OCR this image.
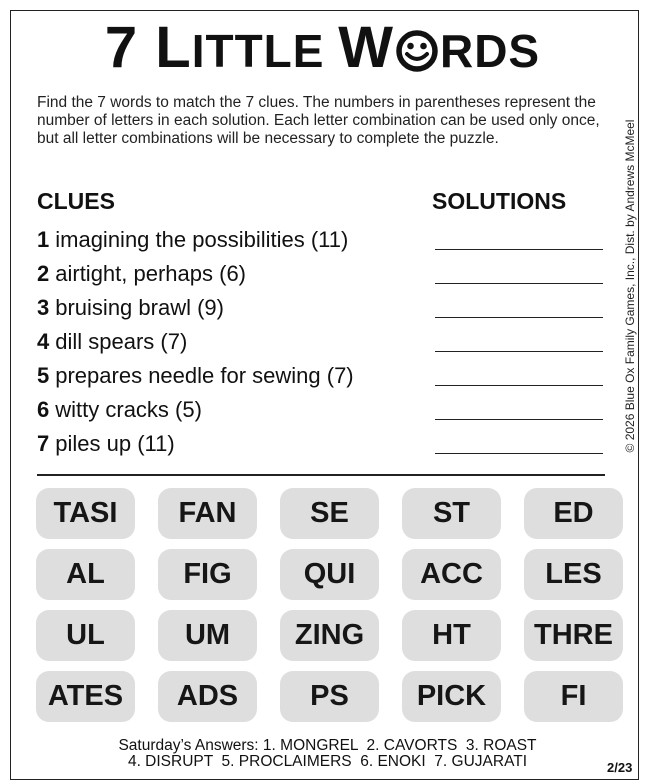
7 LITTLE W RDS
Find the 7 words to match the 7 clues. The numbers in parentheses represent the number of letters in each solution. Each letter combination can be used only once, but all letter combinations will be necessary to complete the puzzle.	© 2026 Blue Ox Family Games, Inc., Dist. by Andrews McMeel
CLUES	SOLUTIONS
1 imagining the possibilities (11)
2 airtight, perhaps (6)
3 bruising brawl (9)
4 dill spears (7)
5 prepares needle for sewing (7)
6 witty cracks (5)
7 piles up (11)
TASI	FAN	SE	ST	ED
AL	FIG	QUI	ACC	LES
UL	UM	ZING	HT	THRE
ATES	ADS	PS	PICK	FI
Saturday’s Answers: 1. MONGREL  2. CAVORTS  3. ROAST
4. DISRUPT  5. PROCLAIMERS  6. ENOKI  7. GUJARATI	2/23
